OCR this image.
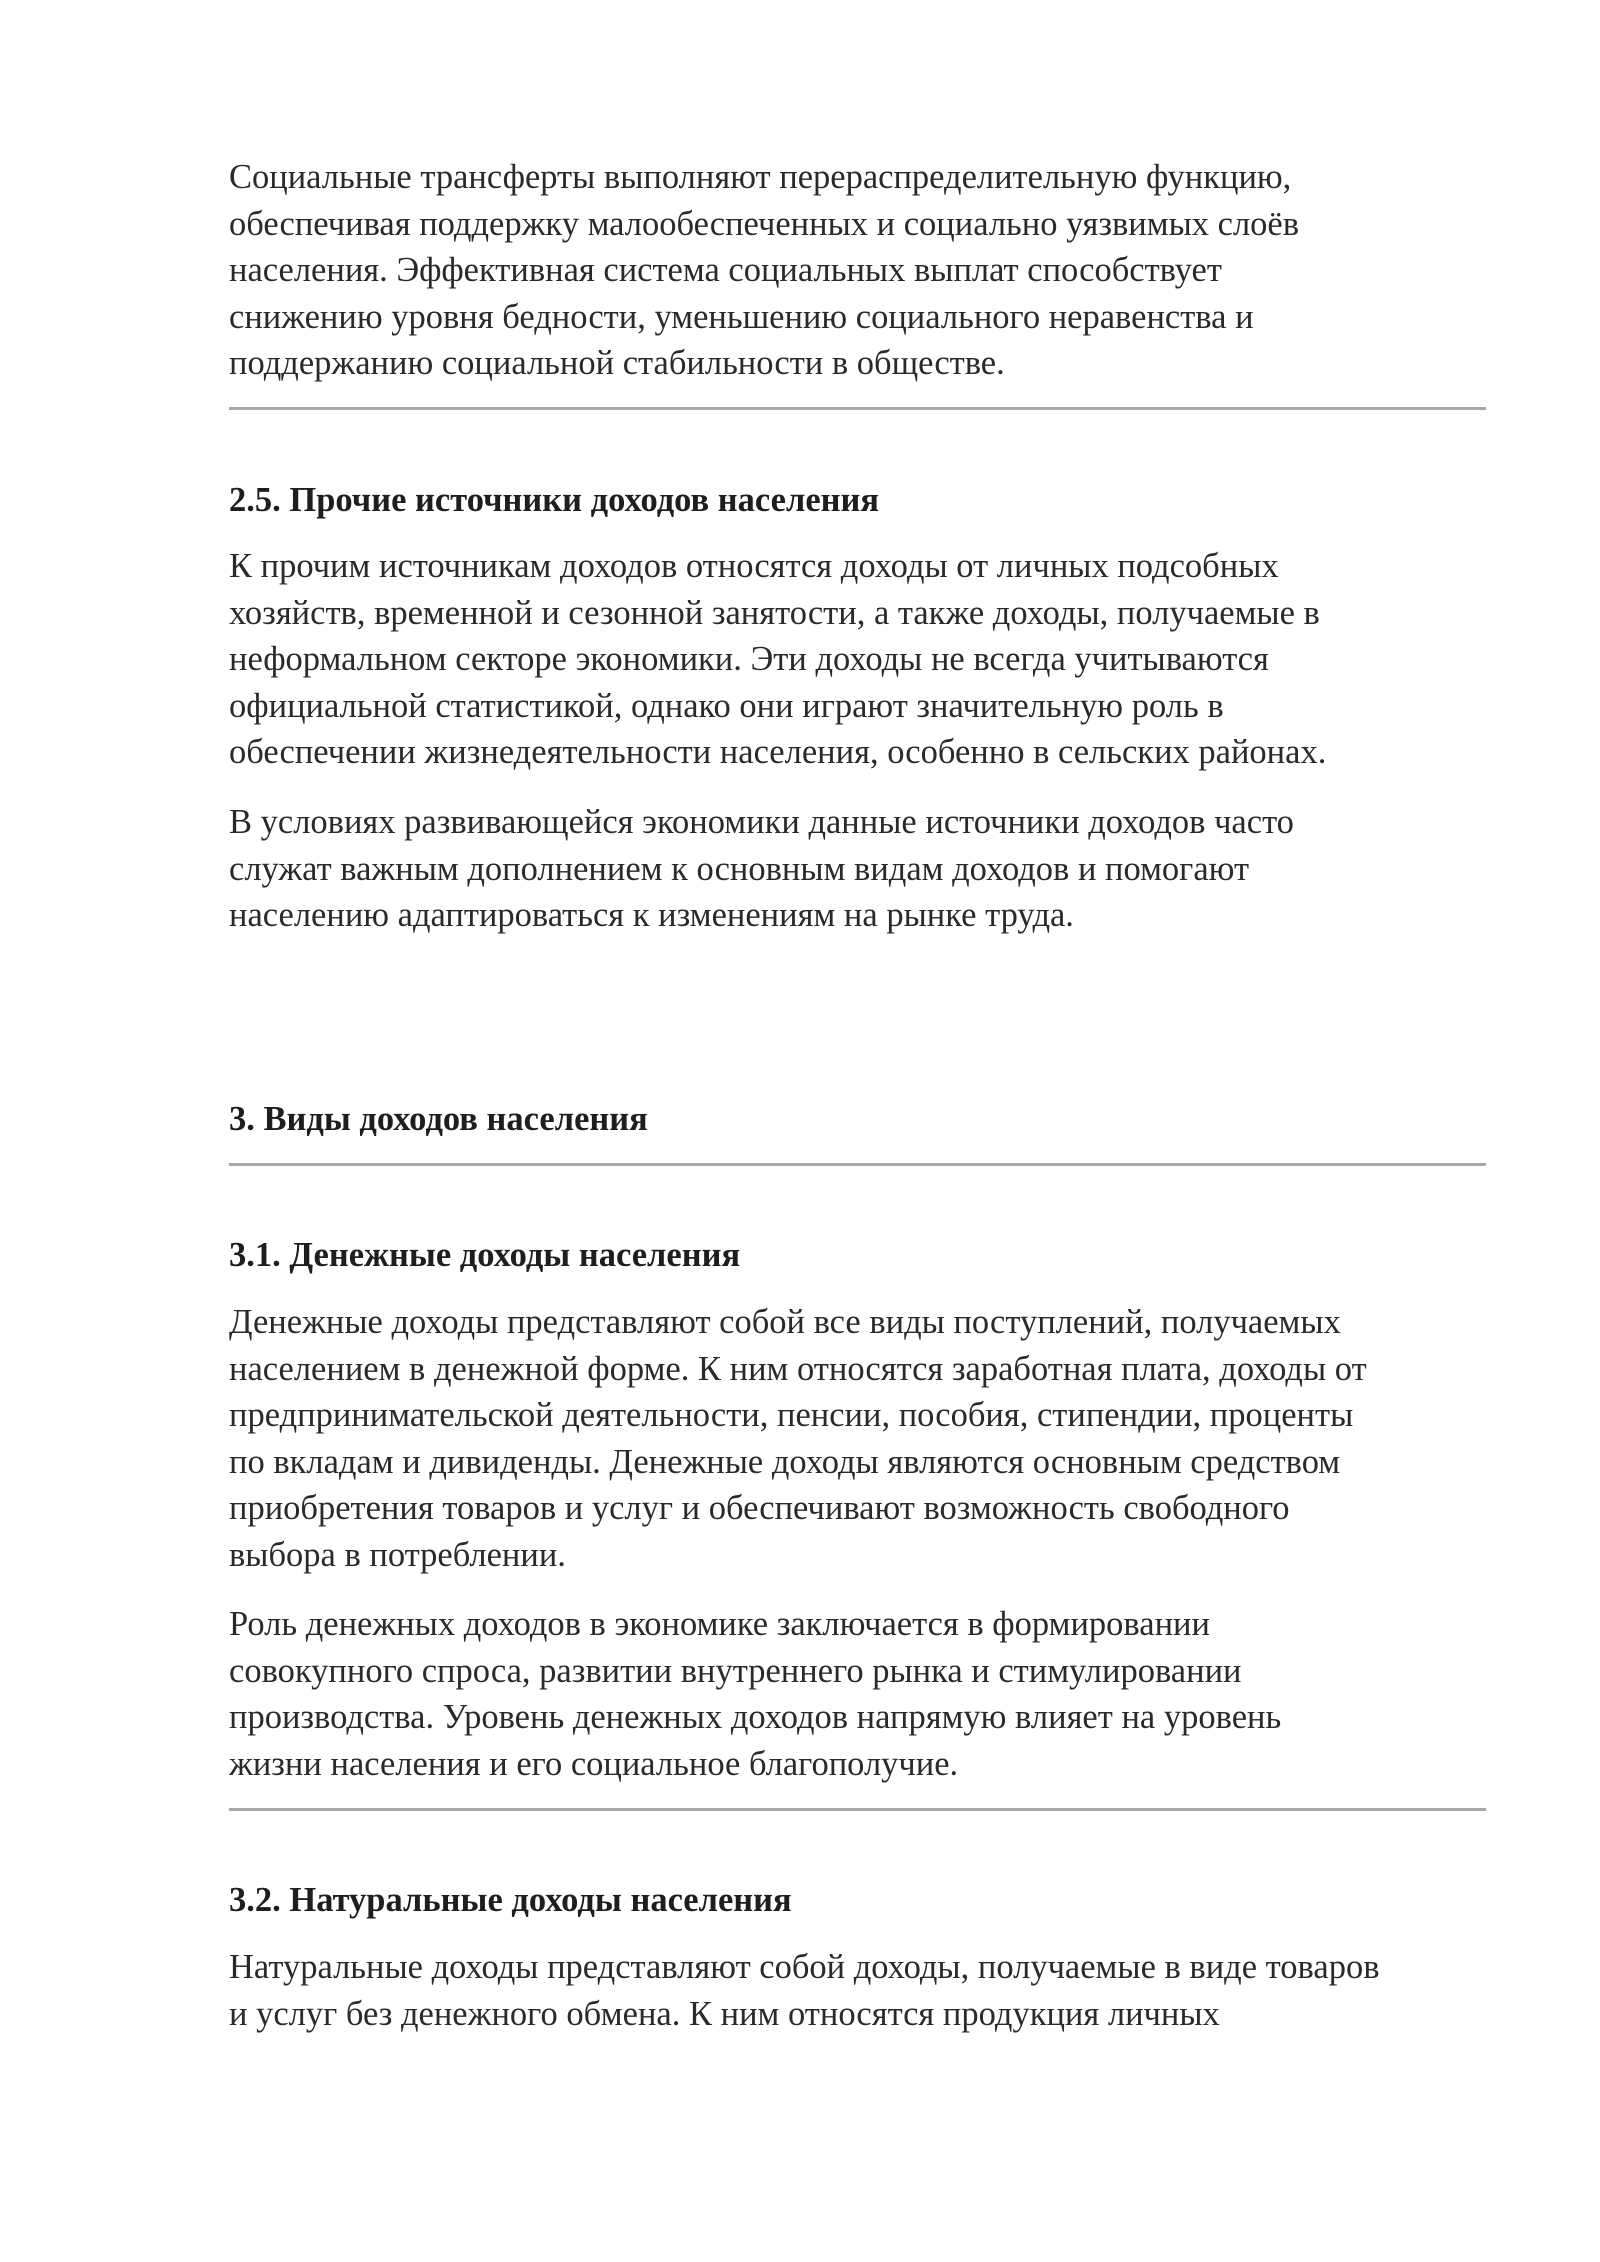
Социальные трансферты выполняют перераспределительную функцию,
обеспечивая поддержку малообеспеченных и социально уязвимых слоёв
населения. Эффективная система социальных выплат способствует
снижению уровня бедности, уменьшению социального неравенства и
поддержанию социальной стабильности в обществе.

2.5. Прочие источники доходов населения

К прочим источникам доходов относятся доходы от личных подсобных
хозяйств, временной и сезонной занятости, а также доходы, получаемые в
неформальном секторе экономики. Эти доходы не всегда учитываются
официальной статистикой, однако они играют значительную роль в
обеспечении жизнедеятельности населения, особенно в сельских районах.

В условиях развивающейся экономики данные источники доходов часто
служат важным дополнением к основным видам доходов и помогают
населению адаптироваться к изменениям на рынке труда.

3. Виды доходов населения
3.1. Денежные доходы населения

Денежные доходы представляют собой все виды поступлений, получаемых
населением в денежной форме. К ним относятся заработная плата, доходы от
предпринимательской деятельности, пенсии, пособия, стипендии, проценты
по вкладам и дивиденды. Денежные доходы являются основным средством
приобретения товаров и услуг и обеспечивают возможность свободного
выбора в потреблении.

Роль денежных доходов в экономике заключается в формировании
совокупного спроса, развитии внутреннего рынка и стимулировании
производства. Уровень денежных доходов напрямую влияет на уровень
жизни населения и его социальное благополучие.

3.2. Натуральные доходы населения

Натуральные доходы представляют собой доходы, получаемые в виде товаров
и услуг без денежного обмена. К ним относятся продукция личных
